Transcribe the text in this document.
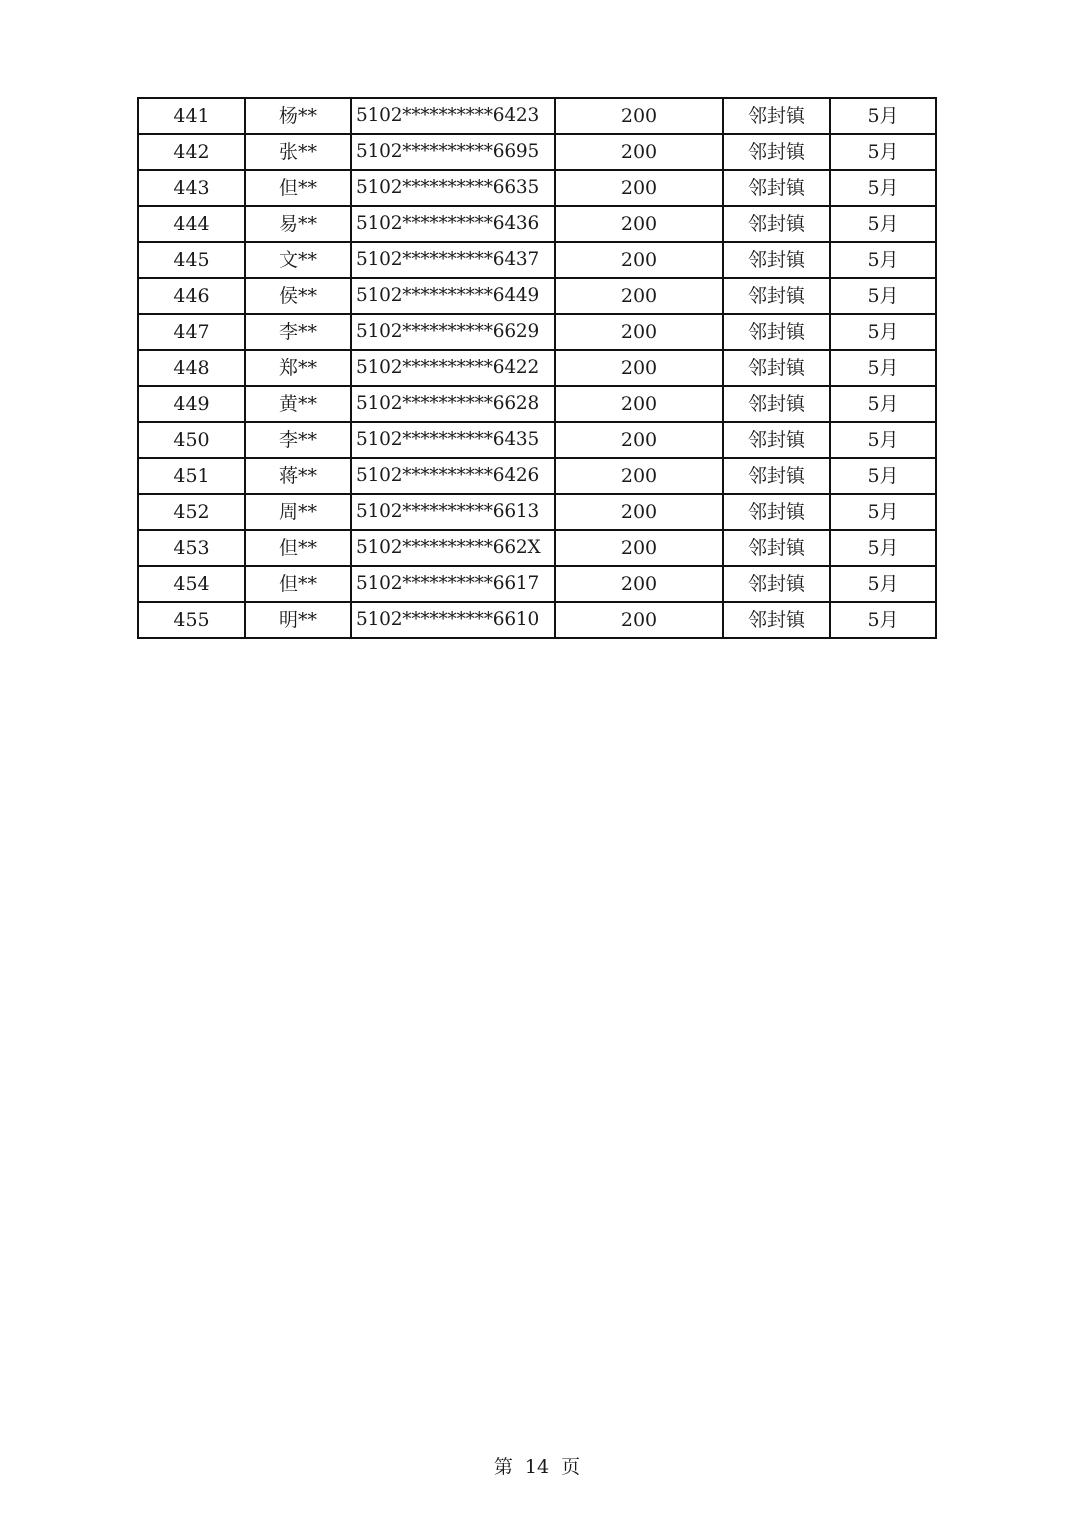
441	杨**	5102**********6423	200	邻封镇	5月
442	张**	5102**********6695	200	邻封镇	5月
443	但**	5102**********6635	200	邻封镇	5月
444	易**	5102**********6436	200	邻封镇	5月
445	文**	5102**********6437	200	邻封镇	5月
446	侯**	5102**********6449	200	邻封镇	5月
447	李**	5102**********6629	200	邻封镇	5月
448	郑**	5102**********6422	200	邻封镇	5月
449	黄**	5102**********6628	200	邻封镇	5月
450	李**	5102**********6435	200	邻封镇	5月
451	蒋**	5102**********6426	200	邻封镇	5月
452	周**	5102**********6613	200	邻封镇	5月
453	但**	5102**********662X	200	邻封镇	5月
454	但**	5102**********6617	200	邻封镇	5月
455	明**	5102**********6610	200	邻封镇	5月
第 14 页
